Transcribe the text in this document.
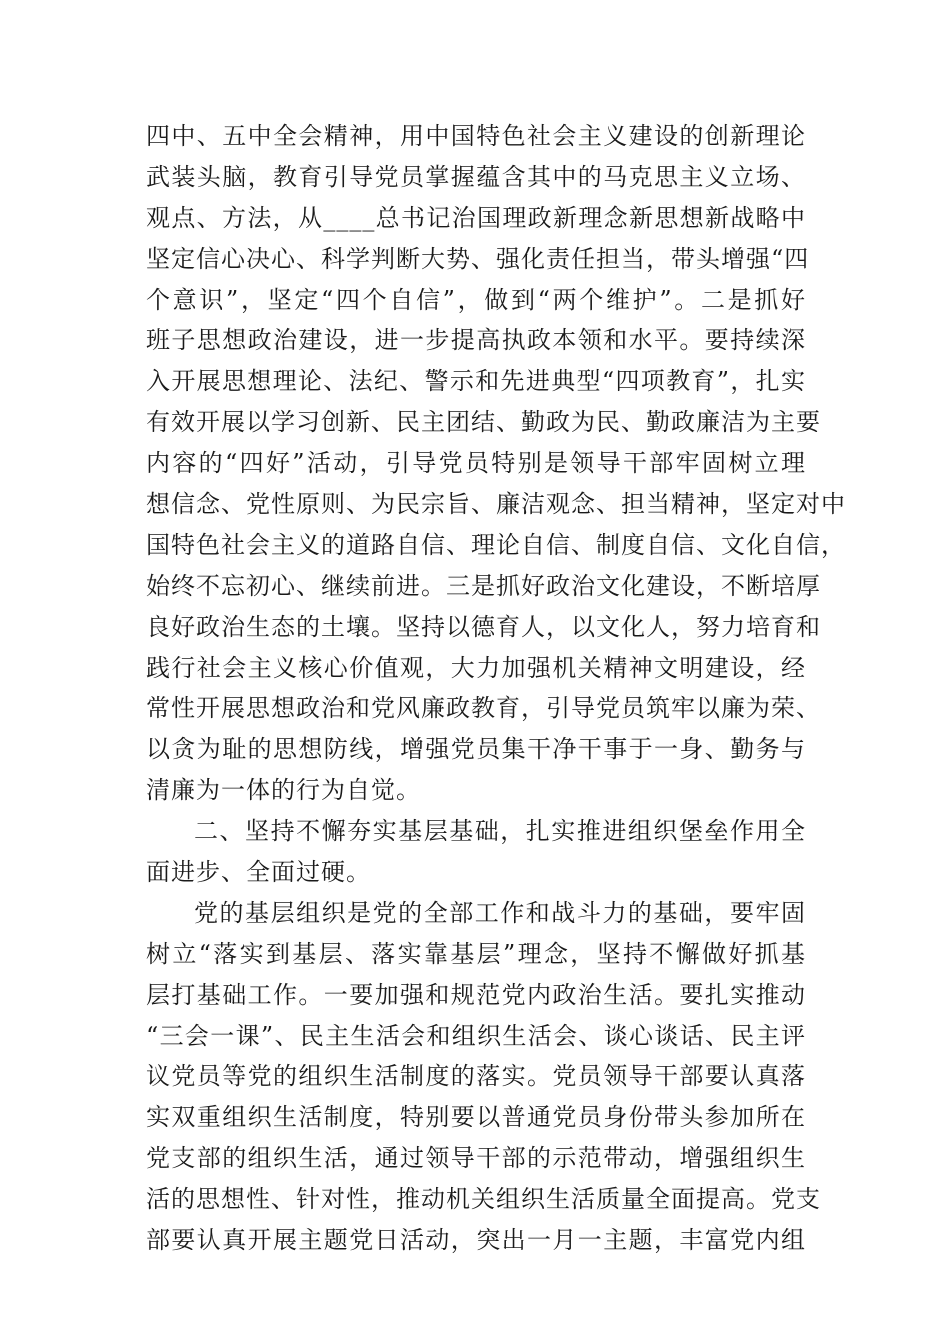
四中、五中全会精神，用中国特色社会主义建设的创新理论
武装头脑，教育引导党员掌握蕴含其中的马克思主义立场、
观点、方法，从____总书记治国理政新理念新思想新战略中
坚定信心决心、科学判断大势、强化责任担当，带头增强“四
个意识”，坚定“四个自信”，做到“两个维护”。二是抓好
班子思想政治建设，进一步提高执政本领和水平。要持续深
入开展思想理论、法纪、警示和先进典型“四项教育”，扎实
有效开展以学习创新、民主团结、勤政为民、勤政廉洁为主要
内容的“四好”活动，引导党员特别是领导干部牢固树立理
想信念、党性原则、为民宗旨、廉洁观念、担当精神，坚定对中
国特色社会主义的道路自信、理论自信、制度自信、文化自信，
始终不忘初心、继续前进。三是抓好政治文化建设，不断培厚
良好政治生态的土壤。坚持以德育人，以文化人，努力培育和
践行社会主义核心价值观，大力加强机关精神文明建设，经
常性开展思想政治和党风廉政教育，引导党员筑牢以廉为荣、
以贪为耻的思想防线，增强党员集干净干事于一身、勤务与
清廉为一体的行为自觉。
二、坚持不懈夯实基层基础，扎实推进组织堡垒作用全
面进步、全面过硬。
党的基层组织是党的全部工作和战斗力的基础，要牢固
树立“落实到基层、落实靠基层”理念，坚持不懈做好抓基
层打基础工作。一要加强和规范党内政治生活。要扎实推动
“三会一课”、民主生活会和组织生活会、谈心谈话、民主评
议党员等党的组织生活制度的落实。党员领导干部要认真落
实双重组织生活制度，特别要以普通党员身份带头参加所在
党支部的组织生活，通过领导干部的示范带动，增强组织生
活的思想性、针对性，推动机关组织生活质量全面提高。党支
部要认真开展主题党日活动，突出一月一主题，丰富党内组
